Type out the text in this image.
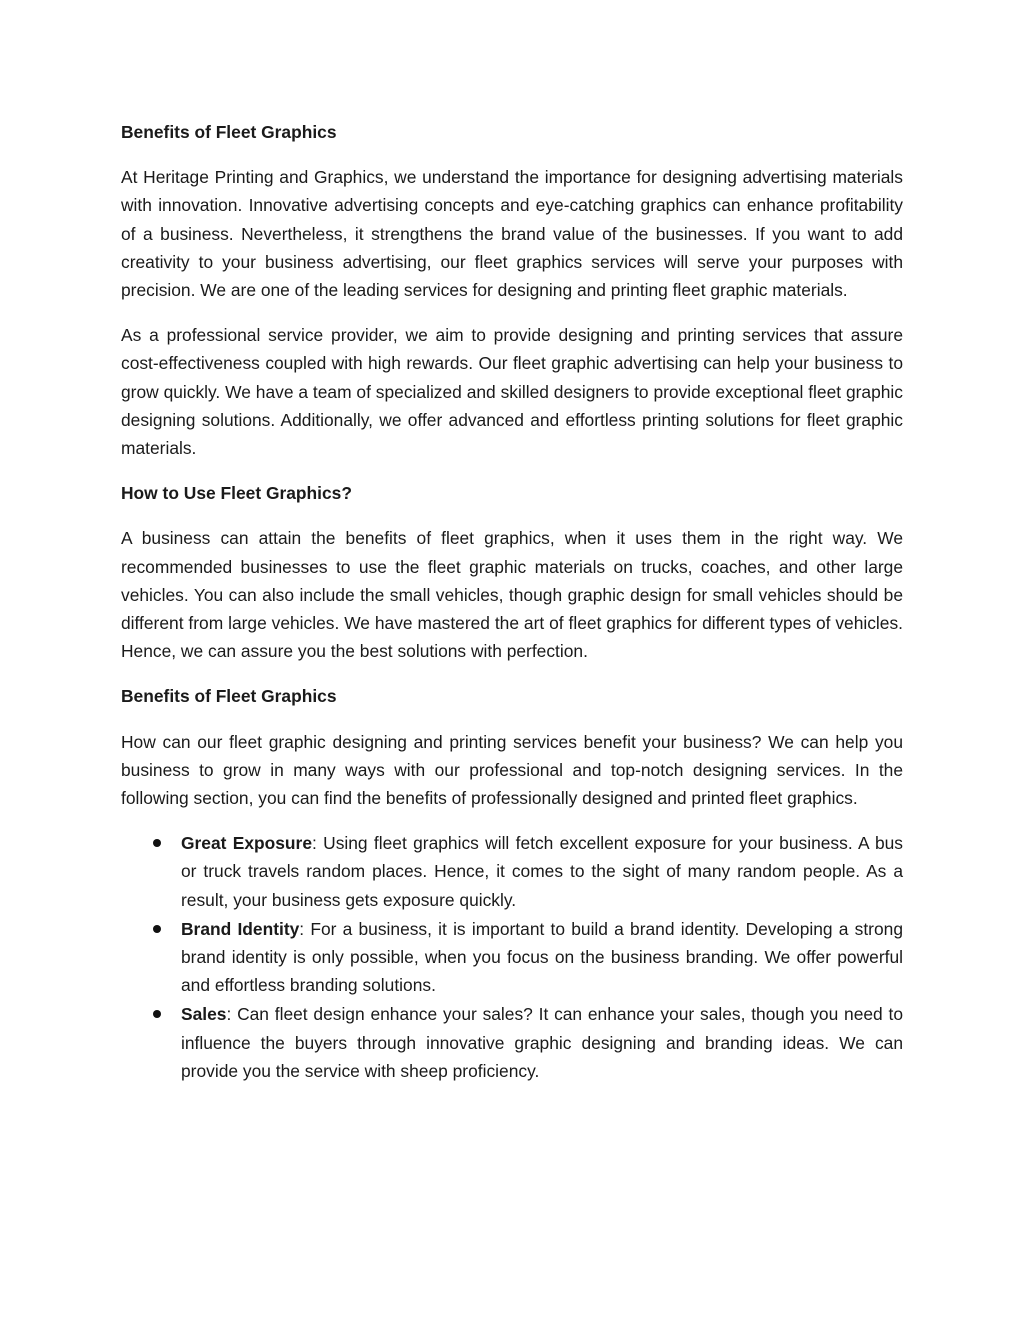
Benefits of Fleet Graphics

At Heritage Printing and Graphics, we understand the importance for designing advertising materials with innovation. Innovative advertising concepts and eye-catching graphics can enhance profitability of a business. Nevertheless, it strengthens the brand value of the businesses. If you want to add creativity to your business advertising, our fleet graphics services will serve your purposes with precision. We are one of the leading services for designing and printing fleet graphic materials.

As a professional service provider, we aim to provide designing and printing services that assure cost-effectiveness coupled with high rewards. Our fleet graphic advertising can help your business to grow quickly. We have a team of specialized and skilled designers to provide exceptional fleet graphic designing solutions. Additionally, we offer advanced and effortless printing solutions for fleet graphic materials.

How to Use Fleet Graphics?

A business can attain the benefits of fleet graphics, when it uses them in the right way. We recommended businesses to use the fleet graphic materials on trucks, coaches, and other large vehicles. You can also include the small vehicles, though graphic design for small vehicles should be different from large vehicles. We have mastered the art of fleet graphics for different types of vehicles. Hence, we can assure you the best solutions with perfection.

Benefits of Fleet Graphics

How can our fleet graphic designing and printing services benefit your business? We can help you business to grow in many ways with our professional and top-notch designing services. In the following section, you can find the benefits of professionally designed and printed fleet graphics.

Great Exposure: Using fleet graphics will fetch excellent exposure for your business. A bus or truck travels random places. Hence, it comes to the sight of many random people. As a result, your business gets exposure quickly.
Brand Identity: For a business, it is important to build a brand identity. Developing a strong brand identity is only possible, when you focus on the business branding. We offer powerful and effortless branding solutions.
Sales: Can fleet design enhance your sales? It can enhance your sales, though you need to influence the buyers through innovative graphic designing and branding ideas. We can provide you the service with sheep proficiency.
